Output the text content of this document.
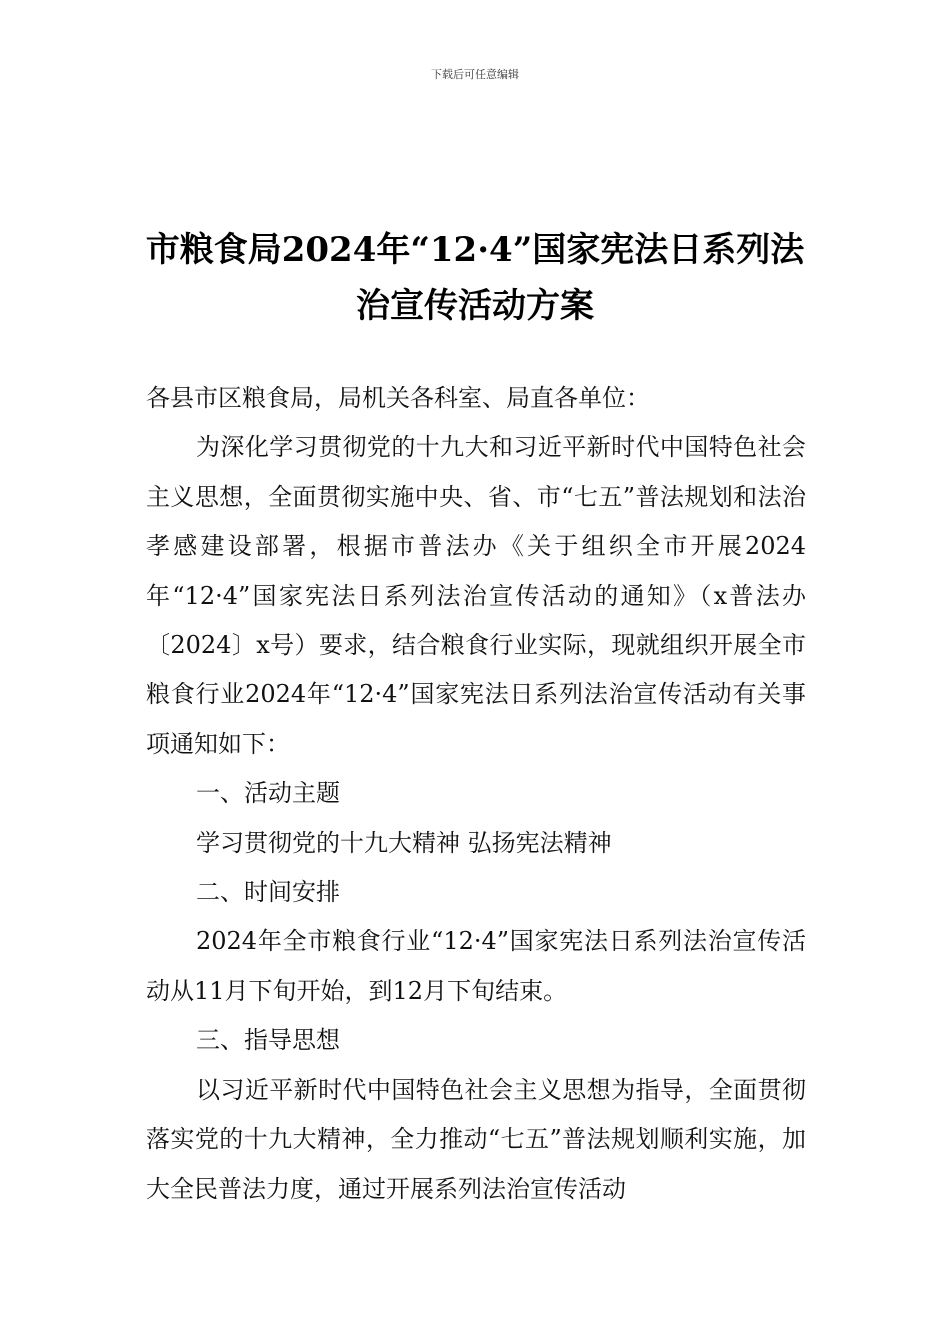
下载后可任意编辑
市粮食局2024年“12·4”国家宪法日系列法
治宣传活动方案

各县市区粮食局，局机关各科室、局直各单位：

为深化学习贯彻党的十九大和习近平新时代中国特色社会主义思想，全面贯彻实施中央、省、市“七五”普法规划和法治孝感建设部署，根据市普法办《关于组织全市开展2024年“12·4”国家宪法日系列法治宣传活动的通知》（x普法办〔2024〕x号）要求，结合粮食行业实际，现就组织开展全市粮食行业2024年“12·4”国家宪法日系列法治宣传活动有关事项通知如下：

一、活动主题

学习贯彻党的十九大精神 弘扬宪法精神

二、时间安排

2024年全市粮食行业“12·4”国家宪法日系列法治宣传活动从11月下旬开始，到12月下旬结束。

三、指导思想

以习近平新时代中国特色社会主义思想为指导，全面贯彻落实党的十九大精神，全力推动“七五”普法规划顺利实施，加大全民普法力度，通过开展系列法治宣传活动
